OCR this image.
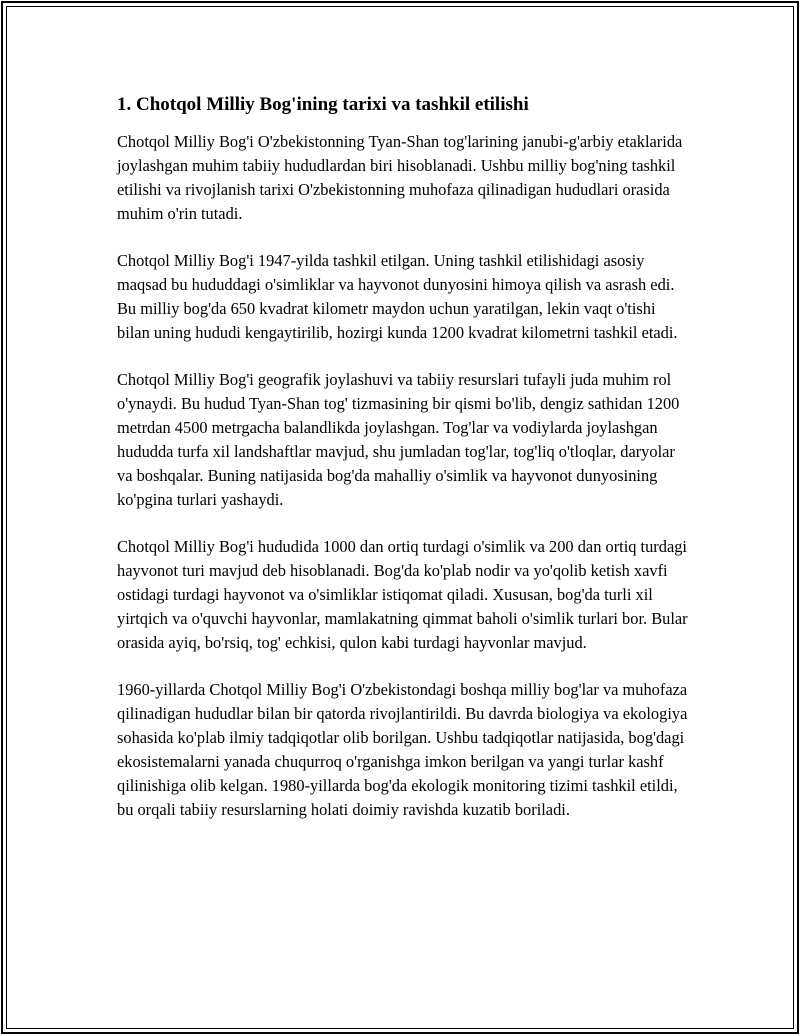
1. Chotqol Milliy Bog'ining tarixi va tashkil etilishi

Chotqol Milliy Bog'i O'zbekistonning Tyan-Shan tog'larining janubi-g'arbiy etaklarida joylashgan muhim tabiiy hududlardan biri hisoblanadi. Ushbu milliy bog'ning tashkil etilishi va rivojlanish tarixi O'zbekistonning muhofaza qilinadigan hududlari orasida muhim o'rin tutadi.

Chotqol Milliy Bog'i 1947-yilda tashkil etilgan. Uning tashkil etilishidagi asosiy maqsad bu hududdagi o'simliklar va hayvonot dunyosini himoya qilish va asrash edi. Bu milliy bog'da 650 kvadrat kilometr maydon uchun yaratilgan, lekin vaqt o'tishi bilan uning hududi kengaytirilib, hozirgi kunda 1200 kvadrat kilometrni tashkil etadi.

Chotqol Milliy Bog'i geografik joylashuvi va tabiiy resurslari tufayli juda muhim rol o'ynaydi. Bu hudud Tyan-Shan tog' tizmasining bir qismi bo'lib, dengiz sathidan 1200 metrdan 4500 metrgacha balandlikda joylashgan. Tog'lar va vodiylarda joylashgan hududda turfa xil landshaftlar mavjud, shu jumladan tog'lar, tog'liq o'tloqlar, daryolar va boshqalar. Buning natijasida bog'da mahalliy o'simlik va hayvonot dunyosining ko'pgina turlari yashaydi.

Chotqol Milliy Bog'i hududida 1000 dan ortiq turdagi o'simlik va 200 dan ortiq turdagi hayvonot turi mavjud deb hisoblanadi. Bog'da ko'plab nodir va yo'qolib ketish xavfi ostidagi turdagi hayvonot va o'simliklar istiqomat qiladi. Xususan, bog'da turli xil yirtqich va o'quvchi hayvonlar, mamlakatning qimmat baholi o'simlik turlari bor. Bular orasida ayiq, bo'rsiq, tog' echkisi, qulon kabi turdagi hayvonlar mavjud.

1960-yillarda Chotqol Milliy Bog'i O'zbekistondagi boshqa milliy bog'lar va muhofaza qilinadigan hududlar bilan bir qatorda rivojlantirildi. Bu davrda biologiya va ekologiya sohasida ko'plab ilmiy tadqiqotlar olib borilgan. Ushbu tadqiqotlar natijasida, bog'dagi ekosistemalarni yanada chuqurroq o'rganishga imkon berilgan va yangi turlar kashf qilinishiga olib kelgan. 1980-yillarda bog'da ekologik monitoring tizimi tashkil etildi, bu orqali tabiiy resurslarning holati doimiy ravishda kuzatib boriladi.
